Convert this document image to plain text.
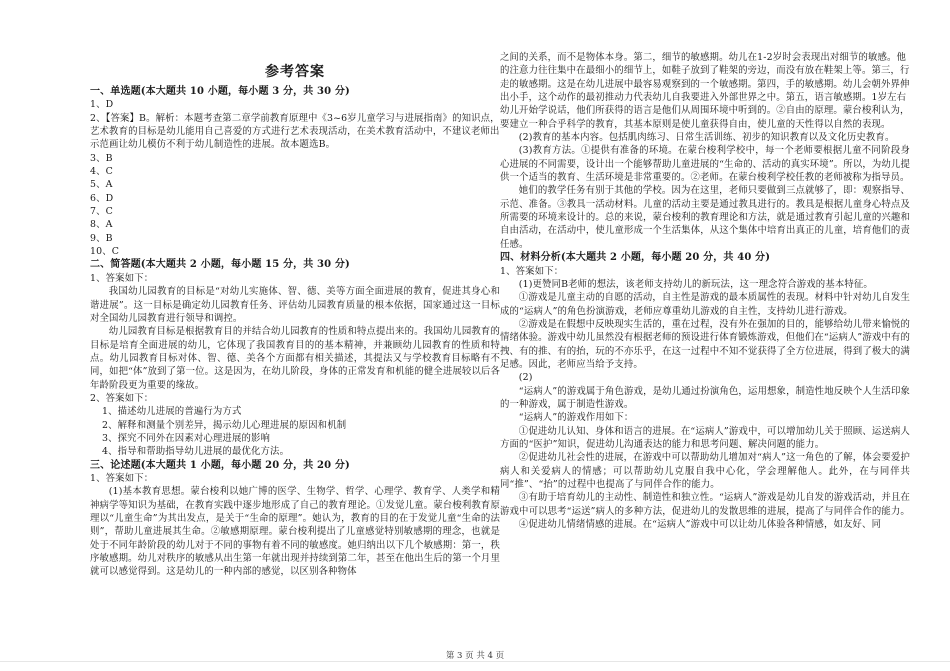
参考答案
一、单选题(本大题共 10 小题，每小题 3 分，共 30 分)
1、D
2、【答案】B。解析：本题考查第二章学前教育原理中《3~6岁儿童学习与进展指南》的知识点，艺术教育的目标是幼儿能用自己喜爱的方式进行艺术表现活动，在美术教育活动中，不建议老师出示范画让幼儿模仿不利于幼儿制造性的进展。故本题选B。
3、B
4、C
5、A
6、D
7、C
8、A
9、B
10、C
二、简答题(本大题共 2 小题，每小题 15 分，共 30 分)
1、答案如下：
我国幼儿园教育的目标是“对幼儿实施体、智、德、美等方面全面进展的教育，促进其身心和谐进展”。这一目标是确定幼儿园教育任务、评估幼儿园教育质量的根本依据，国家通过这一目标对全国幼儿园教育进行领导和调控。
幼儿园教育目标是根据教育目的并结合幼儿园教育的性质和特点提出来的。我国幼儿园教育的目标是培育全面进展的幼儿，它体现了我国教育目的的基本精神，并兼顾幼儿园教育的性质和特点。幼儿园教育目标对体、智、德、美各个方面都有相关描述，其提法又与学校教育目标略有不同，如把“体”放到了第一位。这是因为，在幼儿阶段，身体的正常发育和机能的健全进展较以后各年龄阶段更为重要的缘故。
2、答案如下：
1、描述幼儿进展的普遍行为方式
2、解释和测量个别差异，揭示幼儿心理进展的原因和机制
3、探究不同外在因素对心理进展的影响
4、指导和帮助指导幼儿进展的最优化方法。
三、论述题(本大题共 1 小题，每小题 20 分，共 20 分)
1、答案如下：
(1)基本教育思想。蒙台梭利以她广博的医学、生物学、哲学、心理学、教育学、人类学和精神病学等知识为基础，在教育实践中逐步地形成了自己的教育理论。①发觉儿童。蒙台梭利教育原理以“儿童生命”为其出发点，是关于“生命的原理”。她认为，教育的目的在于发觉儿童“生命的法则”，帮助儿童进展其生命。②敏感期原理。蒙台梭利提出了儿童感觉特别敏感期的理念，也就是处于不同年龄阶段的幼儿对于不同的事物有着不同的敏感度。她归纳出以下几个敏感期：第一，秩序敏感期。幼儿对秩序的敏感从出生第一年就出现并持续到第二年，甚至在他出生后的第一个月里就可以感觉得到。这是幼儿的一种内部的感觉，以区别各种物体
之间的关系，而不是物体本身。第二，细节的敏感期。幼儿在1-2岁时会表现出对细节的敏感。他的注意力往往集中在最细小的细节上，如鞋子放到了鞋架的旁边，而没有放在鞋架上等。第三，行走的敏感期。这是在幼儿进展中最容易观察到的一个敏感期。第四，手的敏感期。幼儿会朝外界伸出小手，这个动作的最初推动力代表幼儿自我要进入外部世界之中。第五，语言敏感期。1岁左右幼儿开始学说话，他们所获得的语言是他们从周围环境中听到的。②自由的原理。蒙台梭利认为，要建立一种合乎科学的教育，其基本原则是使儿童获得自由，使儿童的天性得以自然的表现。
(2)教育的基本内容。包括肌肉练习、日常生活训练、初步的知识教育以及文化历史教育。
(3)教育方法。①提供有准备的环境。在蒙台梭利学校中，每一个老师要根据儿童不同阶段身心进展的不同需要，设计出一个能够帮助儿童进展的“生命的、活动的真实环境”。所以，为幼儿提供一个适当的教育、生活环境是非常重要的。②老师。在蒙台梭利学校任教的老师被称为指导员。
她们的教学任务有别于其他的学校。因为在这里，老师只要做到三点就够了，即：观察指导、示范、准备。③教具一活动材料。儿童的活动主要是通过教具进行的。教具是根据儿童身心特点及所需要的环境来设计的。总的来说，蒙台梭利的教育理论和方法，就是通过教育引起儿童的兴趣和自由活动，在活动中，使儿童形成一个生活集体，从这个集体中培育出真正的儿童，培育他们的责任感。
四、材料分析(本大题共 2 小题，每小题 20 分，共 40 分)
1、答案如下：
(1)更赞同B老师的想法，该老师支持幼儿的新玩法，这一理念符合游戏的基本特征。
①游戏是儿童主动的自愿的活动，自主性是游戏的最本质属性的表现。材料中针对幼儿自发生成的“运病人”的角色扮演游戏，老师应尊重幼儿游戏的自主性，支持幼儿进行游戏。
②游戏是在假想中反映现实生活的，重在过程，没有外在强加的目的，能够给幼儿带来愉悦的情绪体验。游戏中幼儿虽然没有根据老师的预设进行体育锻炼游戏，但他们在“运病人”游戏中有的拽、有的推、有的抬，玩的不亦乐乎，在这一过程中不知不觉获得了全方位进展，得到了极大的满足感。因此，老师应当给予支持。
(2)
“运病人”的游戏属于角色游戏，是幼儿通过扮演角色，运用想象，制造性地反映个人生活印象的一种游戏，属于制造性游戏。
“运病人”的游戏作用如下：
①促进幼儿认知、身体和语言的进展。在“运病人”游戏中，可以增加幼儿关于照顾、运送病人方面的“医护”知识，促进幼儿沟通表达的能力和思考问题、解决问题的能力。
②促进幼儿社会性的进展，在游戏中可以帮助幼儿增加对“病人”这一角色的了解，体会要爱护病人和关爱病人的情感；可以帮助幼儿克服自我中心化，学会理解他人。此外，在与同伴共同“推”、“抬”的过程中也提高了与同伴合作的能力。
③有助于培育幼儿的主动性、制造性和独立性。“运病人”游戏是幼儿自发的游戏活动，并且在游戏中可以思考“运送”病人的多种方法，促进幼儿的发散思维的进展，提高了与同伴合作的能力。
④促进幼儿情绪情感的进展。在“运病人”游戏中可以让幼儿体验各种情感，如友好、同
第 3 页 共 4 页
